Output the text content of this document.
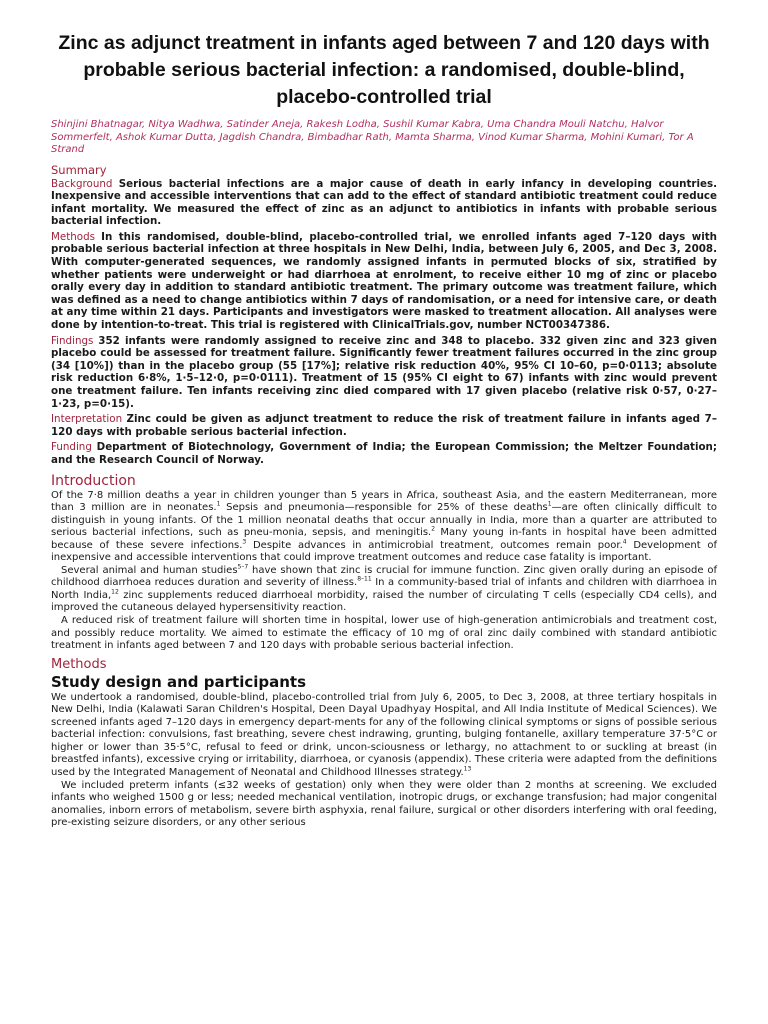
Zinc as adjunct treatment in infants aged between 7 and 120 days with probable serious bacterial infection: a randomised, double-blind, placebo-controlled trial

Shinjini Bhatnagar, Nitya Wadhwa, Satinder Aneja, Rakesh Lodha, Sushil Kumar Kabra, Uma Chandra Mouli Natchu, Halvor Sommerfelt, Ashok Kumar Dutta, Jagdish Chandra, Bimbadhar Rath, Mamta Sharma, Vinod Kumar Sharma, Mohini Kumari, Tor A Strand

Summary

Background Serious bacterial infections are a major cause of death in early infancy in developing countries. Inexpensive and accessible interventions that can add to the effect of standard antibiotic treatment could reduce infant mortality. We measured the effect of zinc as an adjunct to antibiotics in infants with probable serious bacterial infection.

Methods In this randomised, double-blind, placebo-controlled trial, we enrolled infants aged 7–120 days with probable serious bacterial infection at three hospitals in New Delhi, India, between July 6, 2005, and Dec 3, 2008. With computer-generated sequences, we randomly assigned infants in permuted blocks of six, stratified by whether patients were underweight or had diarrhoea at enrolment, to receive either 10 mg of zinc or placebo orally every day in addition to standard antibiotic treatment. The primary outcome was treatment failure, which was defined as a need to change antibiotics within 7 days of randomisation, or a need for intensive care, or death at any time within 21 days. Participants and investigators were masked to treatment allocation. All analyses were done by intention-to-treat. This trial is registered with ClinicalTrials.gov, number NCT00347386.

Findings 352 infants were randomly assigned to receive zinc and 348 to placebo. 332 given zinc and 323 given placebo could be assessed for treatment failure. Significantly fewer treatment failures occurred in the zinc group (34 [10%]) than in the placebo group (55 [17%]; relative risk reduction 40%, 95% CI 10–60, p=0·0113; absolute risk reduction 6·8%, 1·5–12·0, p=0·0111). Treatment of 15 (95% CI eight to 67) infants with zinc would prevent one treatment failure. Ten infants receiving zinc died compared with 17 given placebo (relative risk 0·57, 0·27–1·23, p=0·15).

Interpretation Zinc could be given as adjunct treatment to reduce the risk of treatment failure in infants aged 7–120 days with probable serious bacterial infection.

Funding Department of Biotechnology, Government of India; the European Commission; the Meltzer Foundation; and the Research Council of Norway.

Introduction

Of the 7·8 million deaths a year in children younger than 5 years in Africa, southeast Asia, and the eastern Mediterranean, more than 3 million are in neonates.$^1$ Sepsis and pneumonia—responsible for 25% of these deaths$^1$—are often clinically difficult to distinguish in young infants. Of the 1 million neonatal deaths that occur annually in India, more than a quarter are attributed to serious bacterial infections, such as pneu-monia, sepsis, and meningitis.$^2$ Many young in-fants in hospital have been admitted because of these severe infections.$^3$ Despite advances in antimicrobial treatment, outcomes remain poor.$^4$ Development of inexpensive and accessible interventions that could improve treatment outcomes and reduce case fatality is important.

Several animal and human studies$^{5-7}$ have shown that zinc is crucial for immune function. Zinc given orally during an episode of childhood diarrhoea reduces duration and severity of illness.$^{8-11}$ In a community-based trial of infants and children with diarrhoea in North India,$^{12}$ zinc supplements reduced diarrhoeal morbidity, raised the number of circulating T cells (especially CD4 cells), and improved the cutaneous delayed hypersensitivity reaction.

A reduced risk of treatment failure will shorten time in hospital, lower use of high-generation antimicrobials and treatment cost, and possibly reduce mortality. We aimed to estimate the efficacy of 10 mg of oral zinc daily combined with standard antibiotic treatment in infants aged between 7 and 120 days with probable serious bacterial infection.

Methods
Study design and participants

We undertook a randomised, double-blind, placebo-controlled trial from July 6, 2005, to Dec 3, 2008, at three tertiary hospitals in New Delhi, India (Kalawati Saran Children's Hospital, Deen Dayal Upadhyay Hospital, and All India Institute of Medical Sciences). We screened infants aged 7–120 days in emergency depart-ments for any of the following clinical symptoms or signs of possible serious bacterial infection: convulsions, fast breathing, severe chest indrawing, grunting, bulging fontanelle, axillary temperature 37·5°C or higher or lower than 35·5°C, refusal to feed or drink, uncon-sciousness or lethargy, no attachment to or suckling at breast (in breastfed infants), excessive crying or irritability, diarrhoea, or cyanosis (appendix). These criteria were adapted from the definitions used by the Integrated Management of Neonatal and Childhood Illnesses strategy.$^{13}$

We included preterm infants (≤32 weeks of gestation) only when they were older than 2 months at screening. We excluded infants who weighed 1500 g or less; needed mechanical ventilation, inotropic drugs, or exchange transfusion; had major congenital anomalies, inborn errors of metabolism, severe birth asphyxia, renal failure, surgical or other disorders interfering with oral feeding, pre-existing seizure disorders, or any other serious
